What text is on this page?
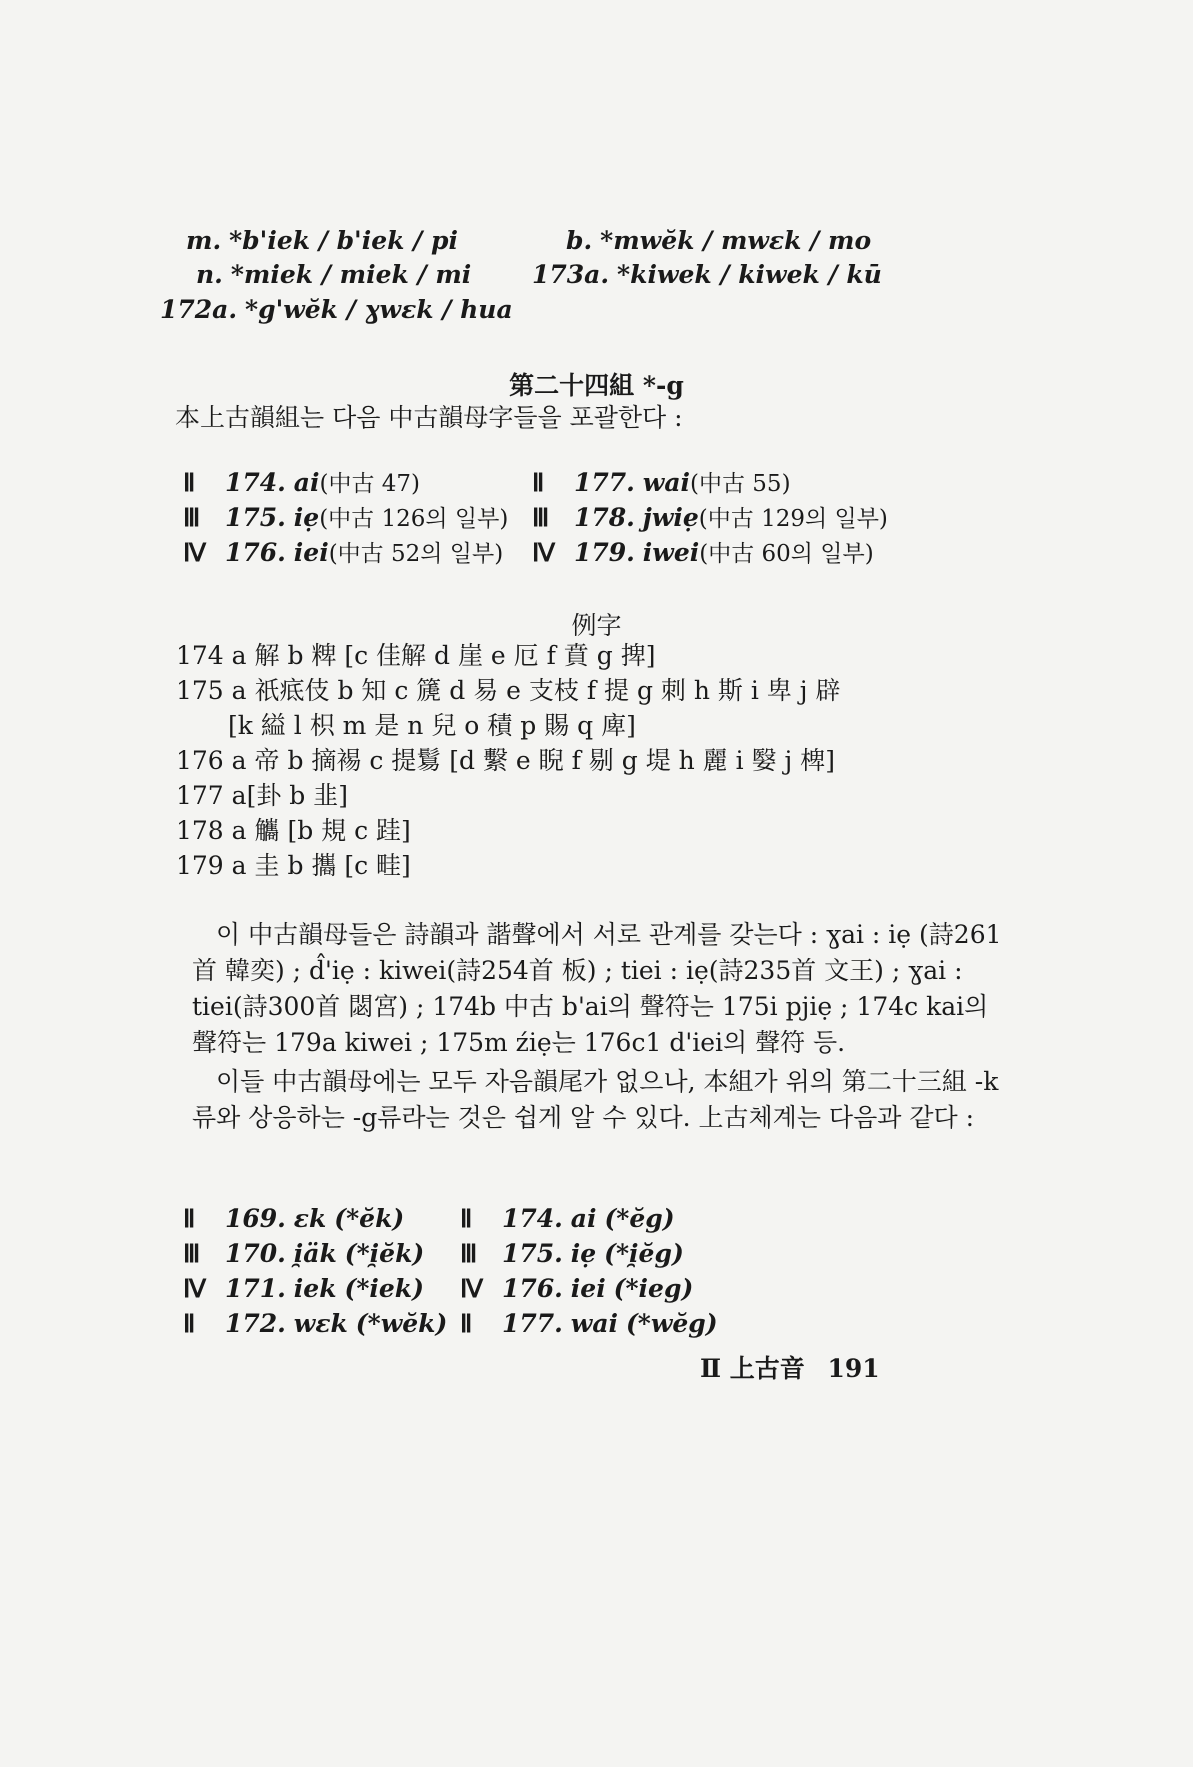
m. *b'iek / b'iek / pi
n. *miek / miek / mi
172a. *g'wĕk / ɣwɛk / hua
b. *mwĕk / mwɛk / mo
173a. *kiwek / kiwek / kū
第二十四組 *-g
本上古韻組는 다음 中古韻母字들을 포괄한다 :
Ⅱ 174. ai(中古 47)
Ⅲ 175. iẹ(中古 126의 일부)
Ⅳ 176. iei(中古 52의 일부)
Ⅱ 177. wai(中古 55)
Ⅲ 178. jwiẹ(中古 129의 일부)
Ⅳ 179. iwei(中古 60의 일부)
例字
174 a 解 b 粺 [c 佳解 d 崖 e 厄 f 賁 g 捭]
175 a 祇疷伎 b 知 c 篪 d 易 e 支枝 f 提 g 刺 h 斯 i 卑 j 辟
[k 縊 l 枳 m 是 n 兒 o 積 p 賜 q 庳]
176 a 帝 b 摘裼 c 提鬄 [d 繫 e 睨 f 剔 g 堤 h 麗 i 嫛 j 椑]
177 a[卦 b 韭]
178 a 觿 [b 規 c 跬]
179 a 圭 b 攜 [c 畦]
이 中古韻母들은 詩韻과 諧聲에서 서로 관계를 갖는다 : ɣai : iẹ (詩261首 韓奕) ; d̂'iẹ : kiwei(詩254首 板) ; tiei : iẹ(詩235首 文王) ; ɣai : tiei(詩300首 閟宮) ; 174b 中古 b'ai의 聲符는 175i pjiẹ ; 174c kai의 聲符는 179a kiwei ; 175m źiẹ는 176c1 d'iei의 聲符 등.
이들 中古韻母에는 모두 자음韻尾가 없으나, 本組가 위의 第二十三組 -k류와 상응하는 -g류라는 것은 쉽게 알 수 있다. 上古체계는 다음과 같다 :
Ⅱ 169. ɛk (*ĕk)
Ⅲ 170. i̯äk (*i̯ĕk)
Ⅳ 171. iek (*iek)
Ⅱ 172. wɛk (*wĕk)
Ⅱ 174. ai (*ĕg)
Ⅲ 175. iẹ (*i̯ĕg)
Ⅳ 176. iei (*ieg)
Ⅱ 177. wai (*wĕg)
Ⅱ 上古音 191
